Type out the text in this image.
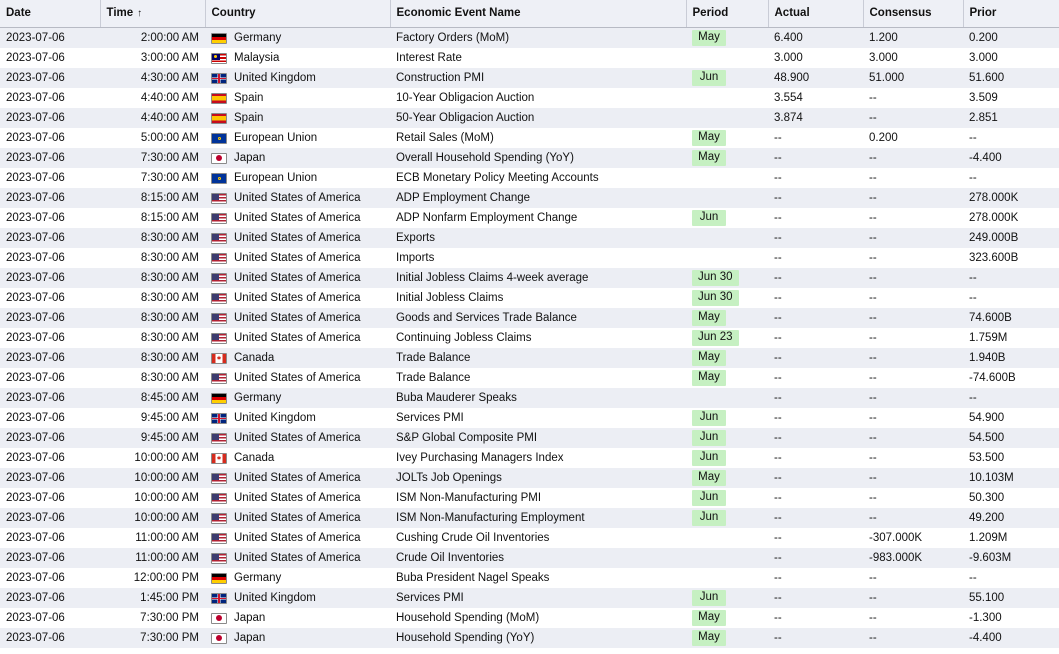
Date	Time ↑	Country	Economic Event Name	Period	Actual	Consensus	Prior
2023-07-06	2:00:00 AM	Germany	Factory Orders (MoM)	May	6.400	1.200	0.200
2023-07-06	3:00:00 AM	Malaysia	Interest Rate		3.000	3.000	3.000
2023-07-06	4:30:00 AM	United Kingdom	Construction PMI	Jun	48.900	51.000	51.600
2023-07-06	4:40:00 AM	Spain	10-Year Obligacion Auction		3.554	--	3.509
2023-07-06	4:40:00 AM	Spain	50-Year Obligacion Auction		3.874	--	2.851
2023-07-06	5:00:00 AM	European Union	Retail Sales (MoM)	May	--	0.200	--
2023-07-06	7:30:00 AM	Japan	Overall Household Spending (YoY)	May	--	--	-4.400
2023-07-06	7:30:00 AM	European Union	ECB Monetary Policy Meeting Accounts		--	--	--
2023-07-06	8:15:00 AM	United States of America	ADP Employment Change		--	--	278.000K
2023-07-06	8:15:00 AM	United States of America	ADP Nonfarm Employment Change	Jun	--	--	278.000K
2023-07-06	8:30:00 AM	United States of America	Exports		--	--	249.000B
2023-07-06	8:30:00 AM	United States of America	Imports		--	--	323.600B
2023-07-06	8:30:00 AM	United States of America	Initial Jobless Claims 4-week average	Jun 30	--	--	--
2023-07-06	8:30:00 AM	United States of America	Initial Jobless Claims	Jun 30	--	--	--
2023-07-06	8:30:00 AM	United States of America	Goods and Services Trade Balance	May	--	--	74.600B
2023-07-06	8:30:00 AM	United States of America	Continuing Jobless Claims	Jun 23	--	--	1.759M
2023-07-06	8:30:00 AM	Canada	Trade Balance	May	--	--	1.940B
2023-07-06	8:30:00 AM	United States of America	Trade Balance	May	--	--	-74.600B
2023-07-06	8:45:00 AM	Germany	Buba Mauderer Speaks		--	--	--
2023-07-06	9:45:00 AM	United Kingdom	Services PMI	Jun	--	--	54.900
2023-07-06	9:45:00 AM	United States of America	S&P Global Composite PMI	Jun	--	--	54.500
2023-07-06	10:00:00 AM	Canada	Ivey Purchasing Managers Index	Jun	--	--	53.500
2023-07-06	10:00:00 AM	United States of America	JOLTs Job Openings	May	--	--	10.103M
2023-07-06	10:00:00 AM	United States of America	ISM Non-Manufacturing PMI	Jun	--	--	50.300
2023-07-06	10:00:00 AM	United States of America	ISM Non-Manufacturing Employment	Jun	--	--	49.200
2023-07-06	11:00:00 AM	United States of America	Cushing Crude Oil Inventories		--	-307.000K	1.209M
2023-07-06	11:00:00 AM	United States of America	Crude Oil Inventories		--	-983.000K	-9.603M
2023-07-06	12:00:00 PM	Germany	Buba President Nagel Speaks		--	--	--
2023-07-06	1:45:00 PM	United Kingdom	Services PMI	Jun	--	--	55.100
2023-07-06	7:30:00 PM	Japan	Household Spending (MoM)	May	--	--	-1.300
2023-07-06	7:30:00 PM	Japan	Household Spending (YoY)	May	--	--	-4.400
